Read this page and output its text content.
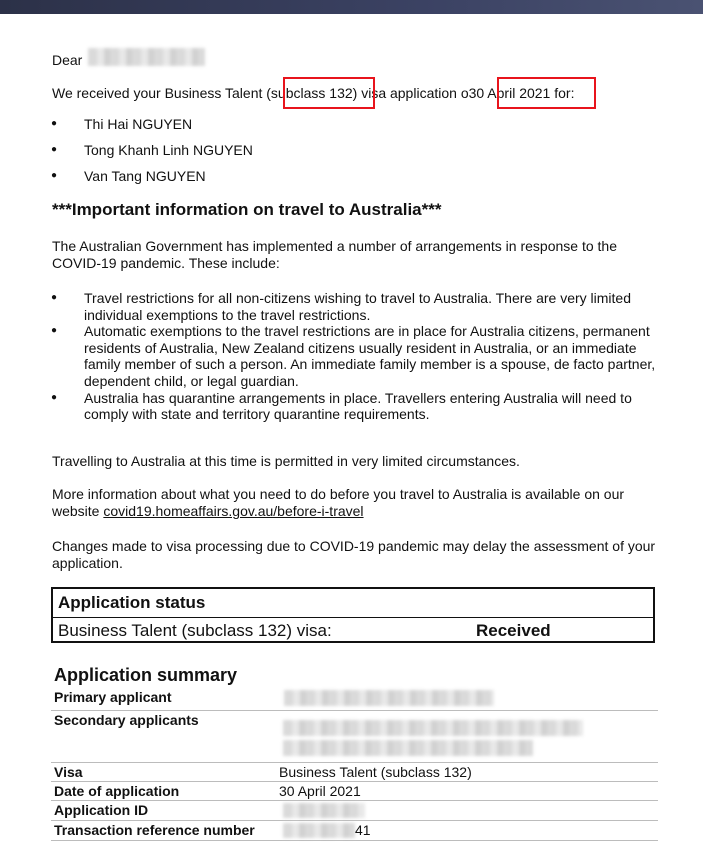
Dear

We received your Business Talent (subclass 132) visa application o30 April 2021 for:

● Thi Hai NGUYEN
● Tong Khanh Linh NGUYEN
● Van Tang NGUYEN
***Important information on travel to Australia***

The Australian Government has implemented a number of arrangements in response to the COVID-19 pandemic. These include:

● Travel restrictions for all non-citizens wishing to travel to Australia. There are very limited individual exemptions to the travel restrictions.
● Automatic exemptions to the travel restrictions are in place for Australia citizens, permanent residents of Australia, New Zealand citizens usually resident in Australia, or an immediate family member of such a person. An immediate family member is a spouse, de facto partner, dependent child, or legal guardian.
● Australia has quarantine arrangements in place. Travellers entering Australia will need to comply with state and territory quarantine requirements.

Travelling to Australia at this time is permitted in very limited circumstances.

More information about what you need to do before you travel to Australia is available on our website covid19.homeaffairs.gov.au/before-i-travel

Changes made to visa processing due to COVID-19 pandemic may delay the assessment of your application.

Application status
Business Talent (subclass 132) visa:	Received
Application summary
Primary applicant	

Secondary applicants	

Visa	Business Talent (subclass 132)
Date of application	30 April 2021
Application ID	

Transaction reference number	41
